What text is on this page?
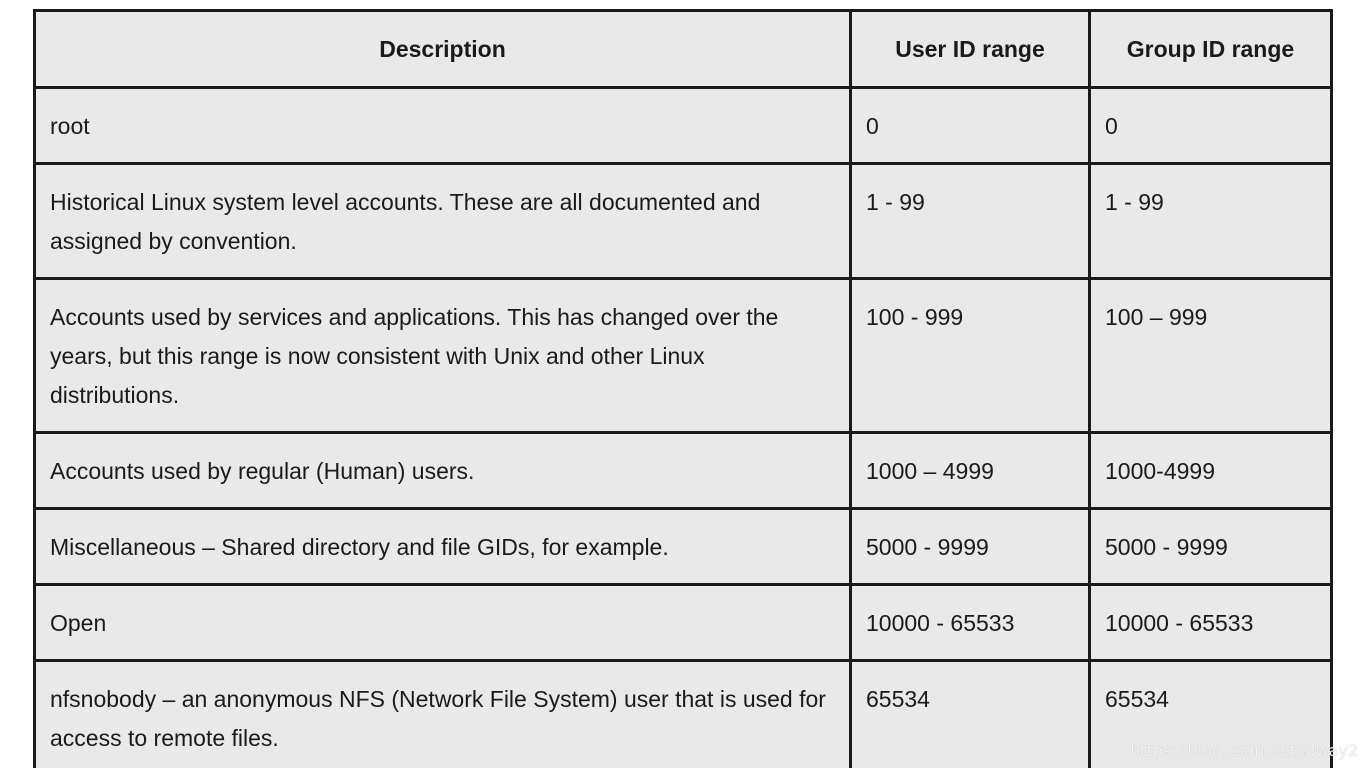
Description	User ID range	Group ID range
root	0	0
Historical Linux system level accounts. These are all documented and assigned by convention.	1 - 99	1 - 99
Accounts used by services and applications. This has changed over the years, but this range is now consistent with Unix and other Linux distributions.	100 - 999	100 – 999
Accounts used by regular (Human) users.	1000 – 4999	1000-4999
Miscellaneous – Shared directory and file GIDs, for example.	5000 - 9999	5000 - 9999
Open	10000 - 65533	10000 - 65533
nfsnobody – an anonymous NFS (Network File System) user that is used for access to remote files.	65534	65534
https://blog.csdn.net/alway2
